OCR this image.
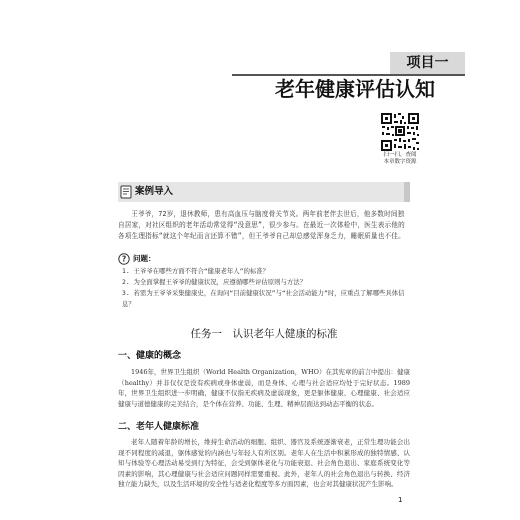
项目一
老年健康评估认知
扫一扫，查阅
本章数字资源
案例导入

王爷爷，72岁，退休教师，患有高血压与脑度骨关节炎。两年前老伴去世后，他多数时间独自居家，对社区组织的老年活动常觉得“没意思”，很少参与。在最近一次体检中，医生表示他的各项生理指标“就这个年纪而言还算不错”，但王爷爷自己却总感觉浑身乏力，睡眠质量也不佳。

? 问题：
1. 王爷爷在哪些方面不符合“健康老年人”的标准？
2. 为全面掌握王爷爷的健康状况，应遵循哪些评估原则与方法？
3. 若需为王爷爷采集健康史，在询问“目前健康状况”与“社会活动能力”时，应重点了解哪些具体信息？
任务一　认识老年人健康的标准
一、健康的概念

1946年，世界卫生组织（World Health Organization，WHO）在其宪章的前言中提出：健康（healthy）并非仅仅是没有疾病或身体虚弱，而是身体、心理与社会适应均处于完好状态。1989年，世界卫生组织进一步明确，健康不仅指无疾病及虚弱现象，更是躯体健康、心理健康、社会适应健康与道德健康的完美结合，是个体在营养、功能、生理、精神层面达到动态平衡的状态。

二、老年人健康标准

老年人随着年龄的增长，维持生命活动的细胞、组织、器官及系统逐渐衰老，正常生理功能会出现不同程度的减退，躯体感觉的内涵也与年轻人有所区别。老年人在生活中积累形成的独特情感、认知与体验等心理活动易受到行为特征，会受到躯体老化与功能衰退、社会角色退出、家庭系统变化等因素的影响，其心理健康与社会适应问题同样需要重视。此外，老年人的社会角色退出与转换、经济独立能力缺失，以及生活环境的安全性与适老化程度等多方面因素，也会对其健康状况产生影响。

1
